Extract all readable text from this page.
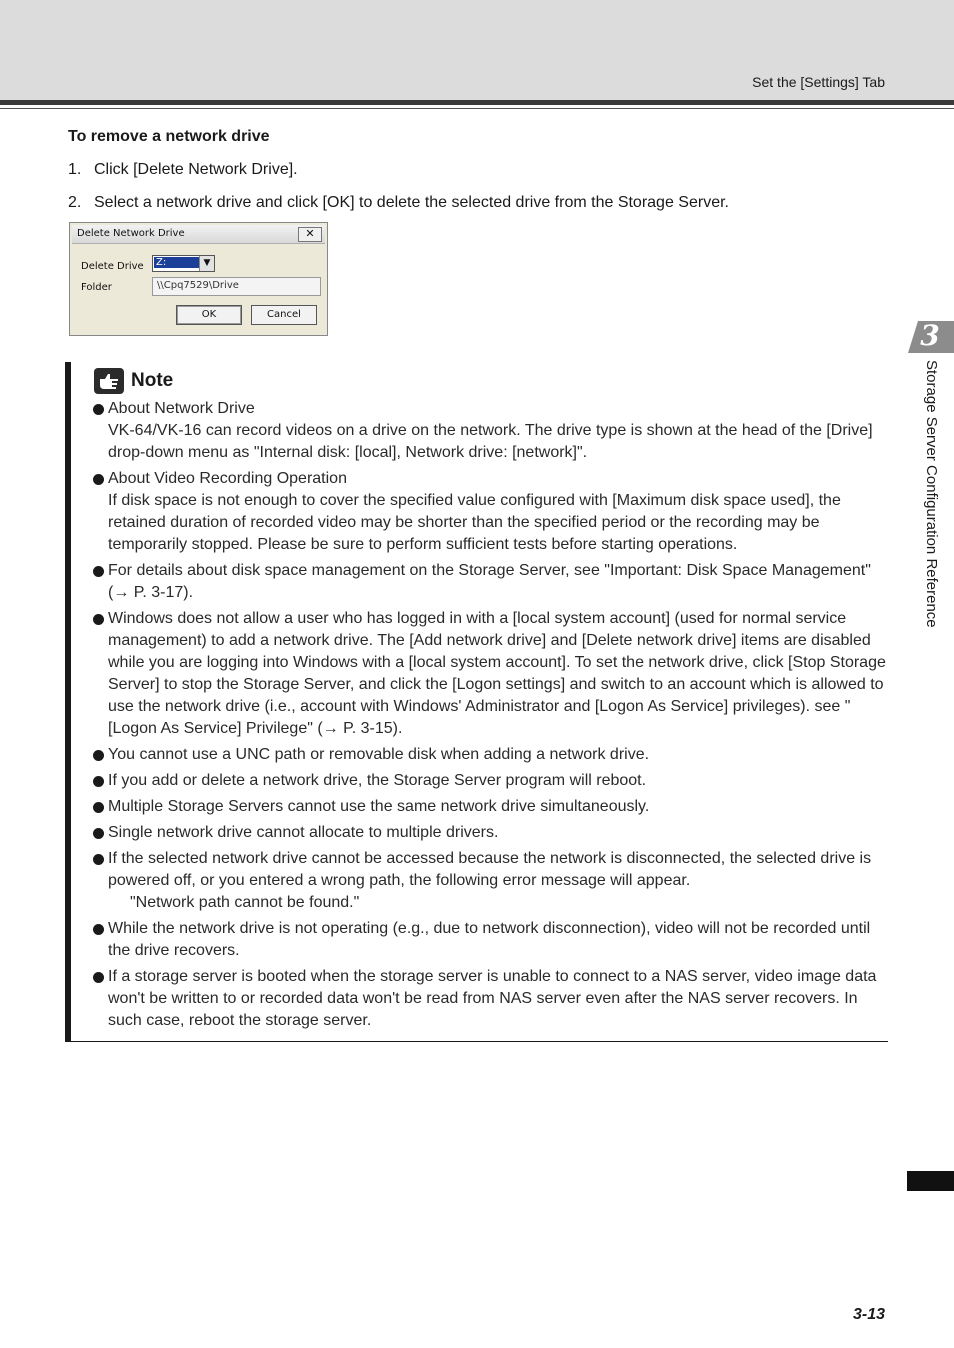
Set the [Settings] Tab
To remove a network drive
1. Click [Delete Network Drive].
2. Select a network drive and click [OK] to delete the selected drive from the Storage Server.
Delete Network Drive	✕
Delete Drive Z:	▼
Folder	\\Cpq7529\Drive
OK	Cancel
Note
About Network Drive
VK-64/VK-16 can record videos on a drive on the network. The drive type is shown at the head of the [Drive] drop-down menu as "Internal disk: [local], Network drive: [network]".
About Video Recording Operation
If disk space is not enough to cover the specified value configured with [Maximum disk space used], the retained duration of recorded video may be shorter than the specified period or the recording may be temporarily stopped. Please be sure to perform sufficient tests before starting operations.
For details about disk space management on the Storage Server, see "Important: Disk Space Management" (→ P. 3-17).
Windows does not allow a user who has logged in with a [local system account] (used for normal service management) to add a network drive. The [Add network drive] and [Delete network drive] items are disabled while you are logging into Windows with a [local system account]. To set the network drive, click [Stop Storage Server] to stop the Storage Server, and click the [Logon settings] and switch to an account which is allowed to use the network drive (i.e., account with Windows' Administrator and [Logon As Service] privileges). see "[Logon As Service] Privilege" (→ P. 3-15).
You cannot use a UNC path or removable disk when adding a network drive.
If you add or delete a network drive, the Storage Server program will reboot.
Multiple Storage Servers cannot use the same network drive simultaneously.
Single network drive cannot allocate to multiple drivers.
If the selected network drive cannot be accessed because the network is disconnected, the selected drive is powered off, or you entered a wrong path, the following error message will appear.
"Network path cannot be found."
While the network drive is not operating (e.g., due to network disconnection), video will not be recorded until the drive recovers.
If a storage server is booted when the storage server is unable to connect to a NAS server, video image data won't be written to or recorded data won't be read from NAS server even after the NAS server recovers. In such case, reboot the storage server.
3
Storage Server Configuration Reference
3-13
